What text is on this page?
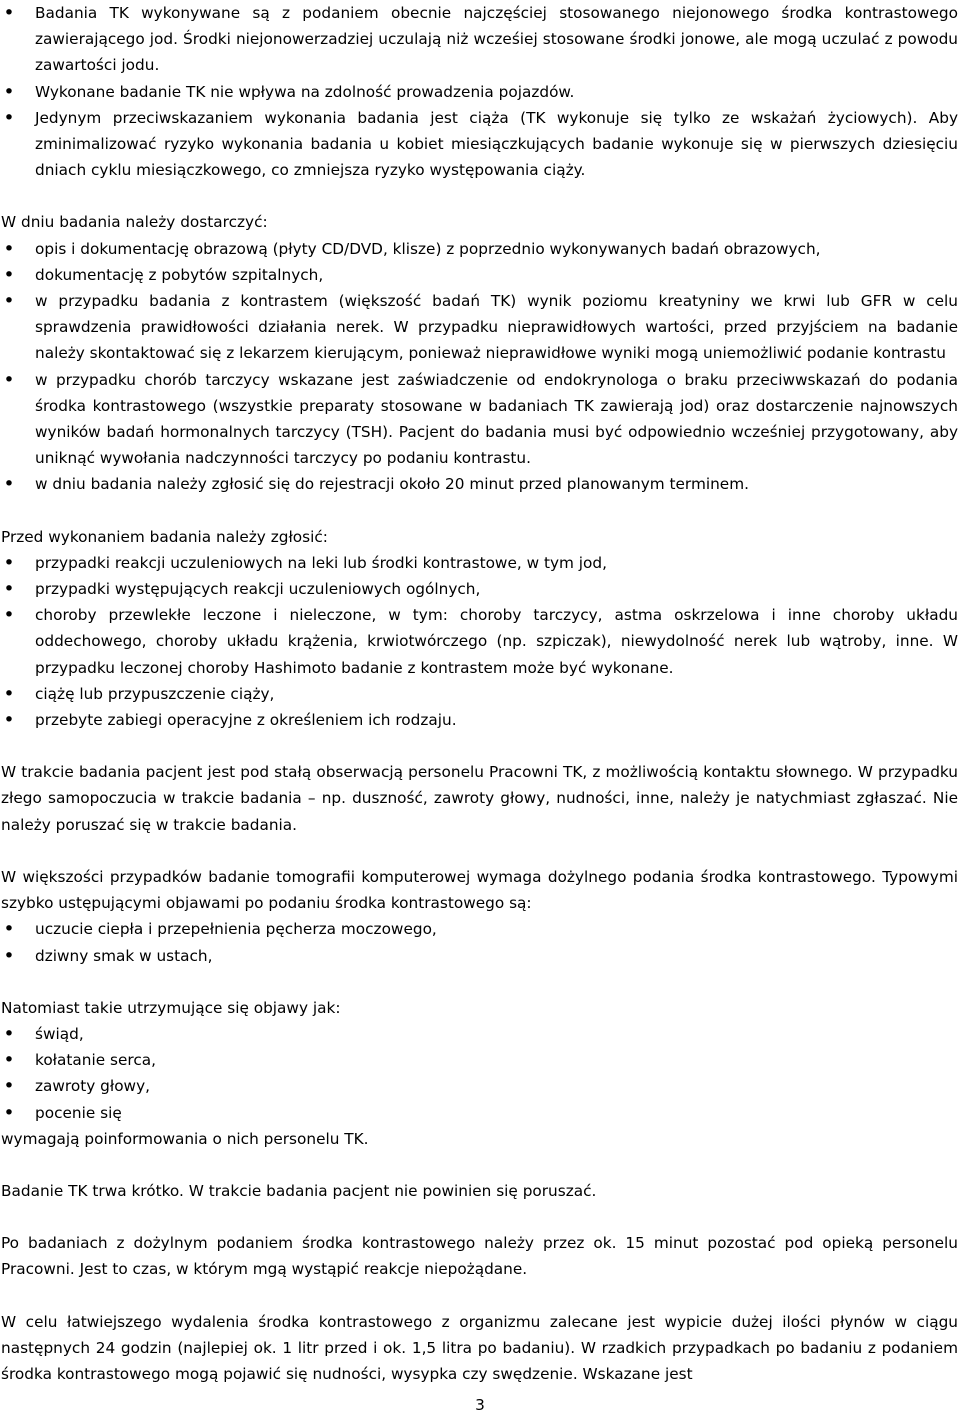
• Badania TK wykonywane są z podaniem obecnie najczęściej stosowanego niejonowego środka kontrastowego zawierającego jod. Środki niejonowerzadziej uczulają niż wcześiej stosowane środki jonowe, ale mogą uczulać z powodu zawartości jodu.
• Wykonane badanie TK nie wpływa na zdolność prowadzenia pojazdów.
• Jedynym przeciwskazaniem wykonania badania jest ciąża (TK wykonuje się tylko ze wskażań życiowych). Aby zminimalizować ryzyko wykonania badania u kobiet miesiączkujących badanie wykonuje się w pierwszych dziesięciu dniach cyklu miesiączkowego, co zmniejsza ryzyko występowania ciąży.

W dniu badania należy dostarczyć:

• opis i dokumentację obrazową (płyty CD/DVD, klisze) z poprzednio wykonywanych badań obrazowych,
• dokumentację z pobytów szpitalnych,
• w przypadku badania z kontrastem (większość badań TK) wynik poziomu kreatyniny we krwi lub GFR w celu sprawdzenia prawidłowości działania nerek. W przypadku nieprawidłowych wartości, przed przyjściem na badanie należy skontaktować się z lekarzem kierującym, ponieważ nieprawidłowe wyniki mogą uniemożliwić podanie kontrastu
• w przypadku chorób tarczycy wskazane jest zaświadczenie od endokrynologa o braku przeciwwskazań do podania środka kontrastowego (wszystkie preparaty stosowane w badaniach TK zawierają jod) oraz dostarczenie najnowszych wyników badań hormonalnych tarczycy (TSH). Pacjent do badania musi być odpowiednio wcześniej przygotowany, aby uniknąć wywołania nadczynności tarczycy po podaniu kontrastu.
• w dniu badania należy zgłosić się do rejestracji około 20 minut przed planowanym terminem.

Przed wykonaniem badania należy zgłosić:

• przypadki reakcji uczuleniowych na leki lub środki kontrastowe, w tym jod,
• przypadki występujących reakcji uczuleniowych ogólnych,
• choroby przewlekłe leczone i nieleczone, w tym: choroby tarczycy, astma oskrzelowa i inne choroby układu oddechowego, choroby układu krążenia, krwiotwórczego (np. szpiczak), niewydolność nerek lub wątroby, inne. W przypadku leczonej choroby Hashimoto badanie z kontrastem może być wykonane.
• ciążę lub przypuszczenie ciąży,
• przebyte zabiegi operacyjne z określeniem ich rodzaju.

W trakcie badania pacjent jest pod stałą obserwacją personelu Pracowni TK, z możliwością kontaktu słownego. W przypadku złego samopoczucia w trakcie badania – np. duszność, zawroty głowy, nudności, inne, należy je natychmiast zgłaszać. Nie należy poruszać się w trakcie badania.

W większości przypadków badanie tomografii komputerowej wymaga dożylnego podania środka kontrastowego. Typowymi szybko ustępującymi objawami po podaniu środka kontrastowego są:

• uczucie ciepła i przepełnienia pęcherza moczowego,
• dziwny smak w ustach,

Natomiast takie utrzymujące się objawy jak:

• świąd,
• kołatanie serca,
• zawroty głowy,
• pocenie się

wymagają poinformowania o nich personelu TK.

Badanie TK trwa krótko. W trakcie badania pacjent nie powinien się poruszać.

Po badaniach z dożylnym podaniem środka kontrastowego należy przez ok. 15 minut pozostać pod opieką personelu Pracowni. Jest to czas, w którym mgą wystąpić reakcje niepożądane.

W celu łatwiejszego wydalenia środka kontrastowego z organizmu zalecane jest wypicie dużej ilości płynów w ciągu następnych 24 godzin (najlepiej ok. 1 litr przed i ok. 1,5 litra po badaniu). W rzadkich przypadkach po badaniu z podaniem środka kontrastowego mogą pojawić się nudności, wysypka czy swędzenie. Wskazane jest

3
